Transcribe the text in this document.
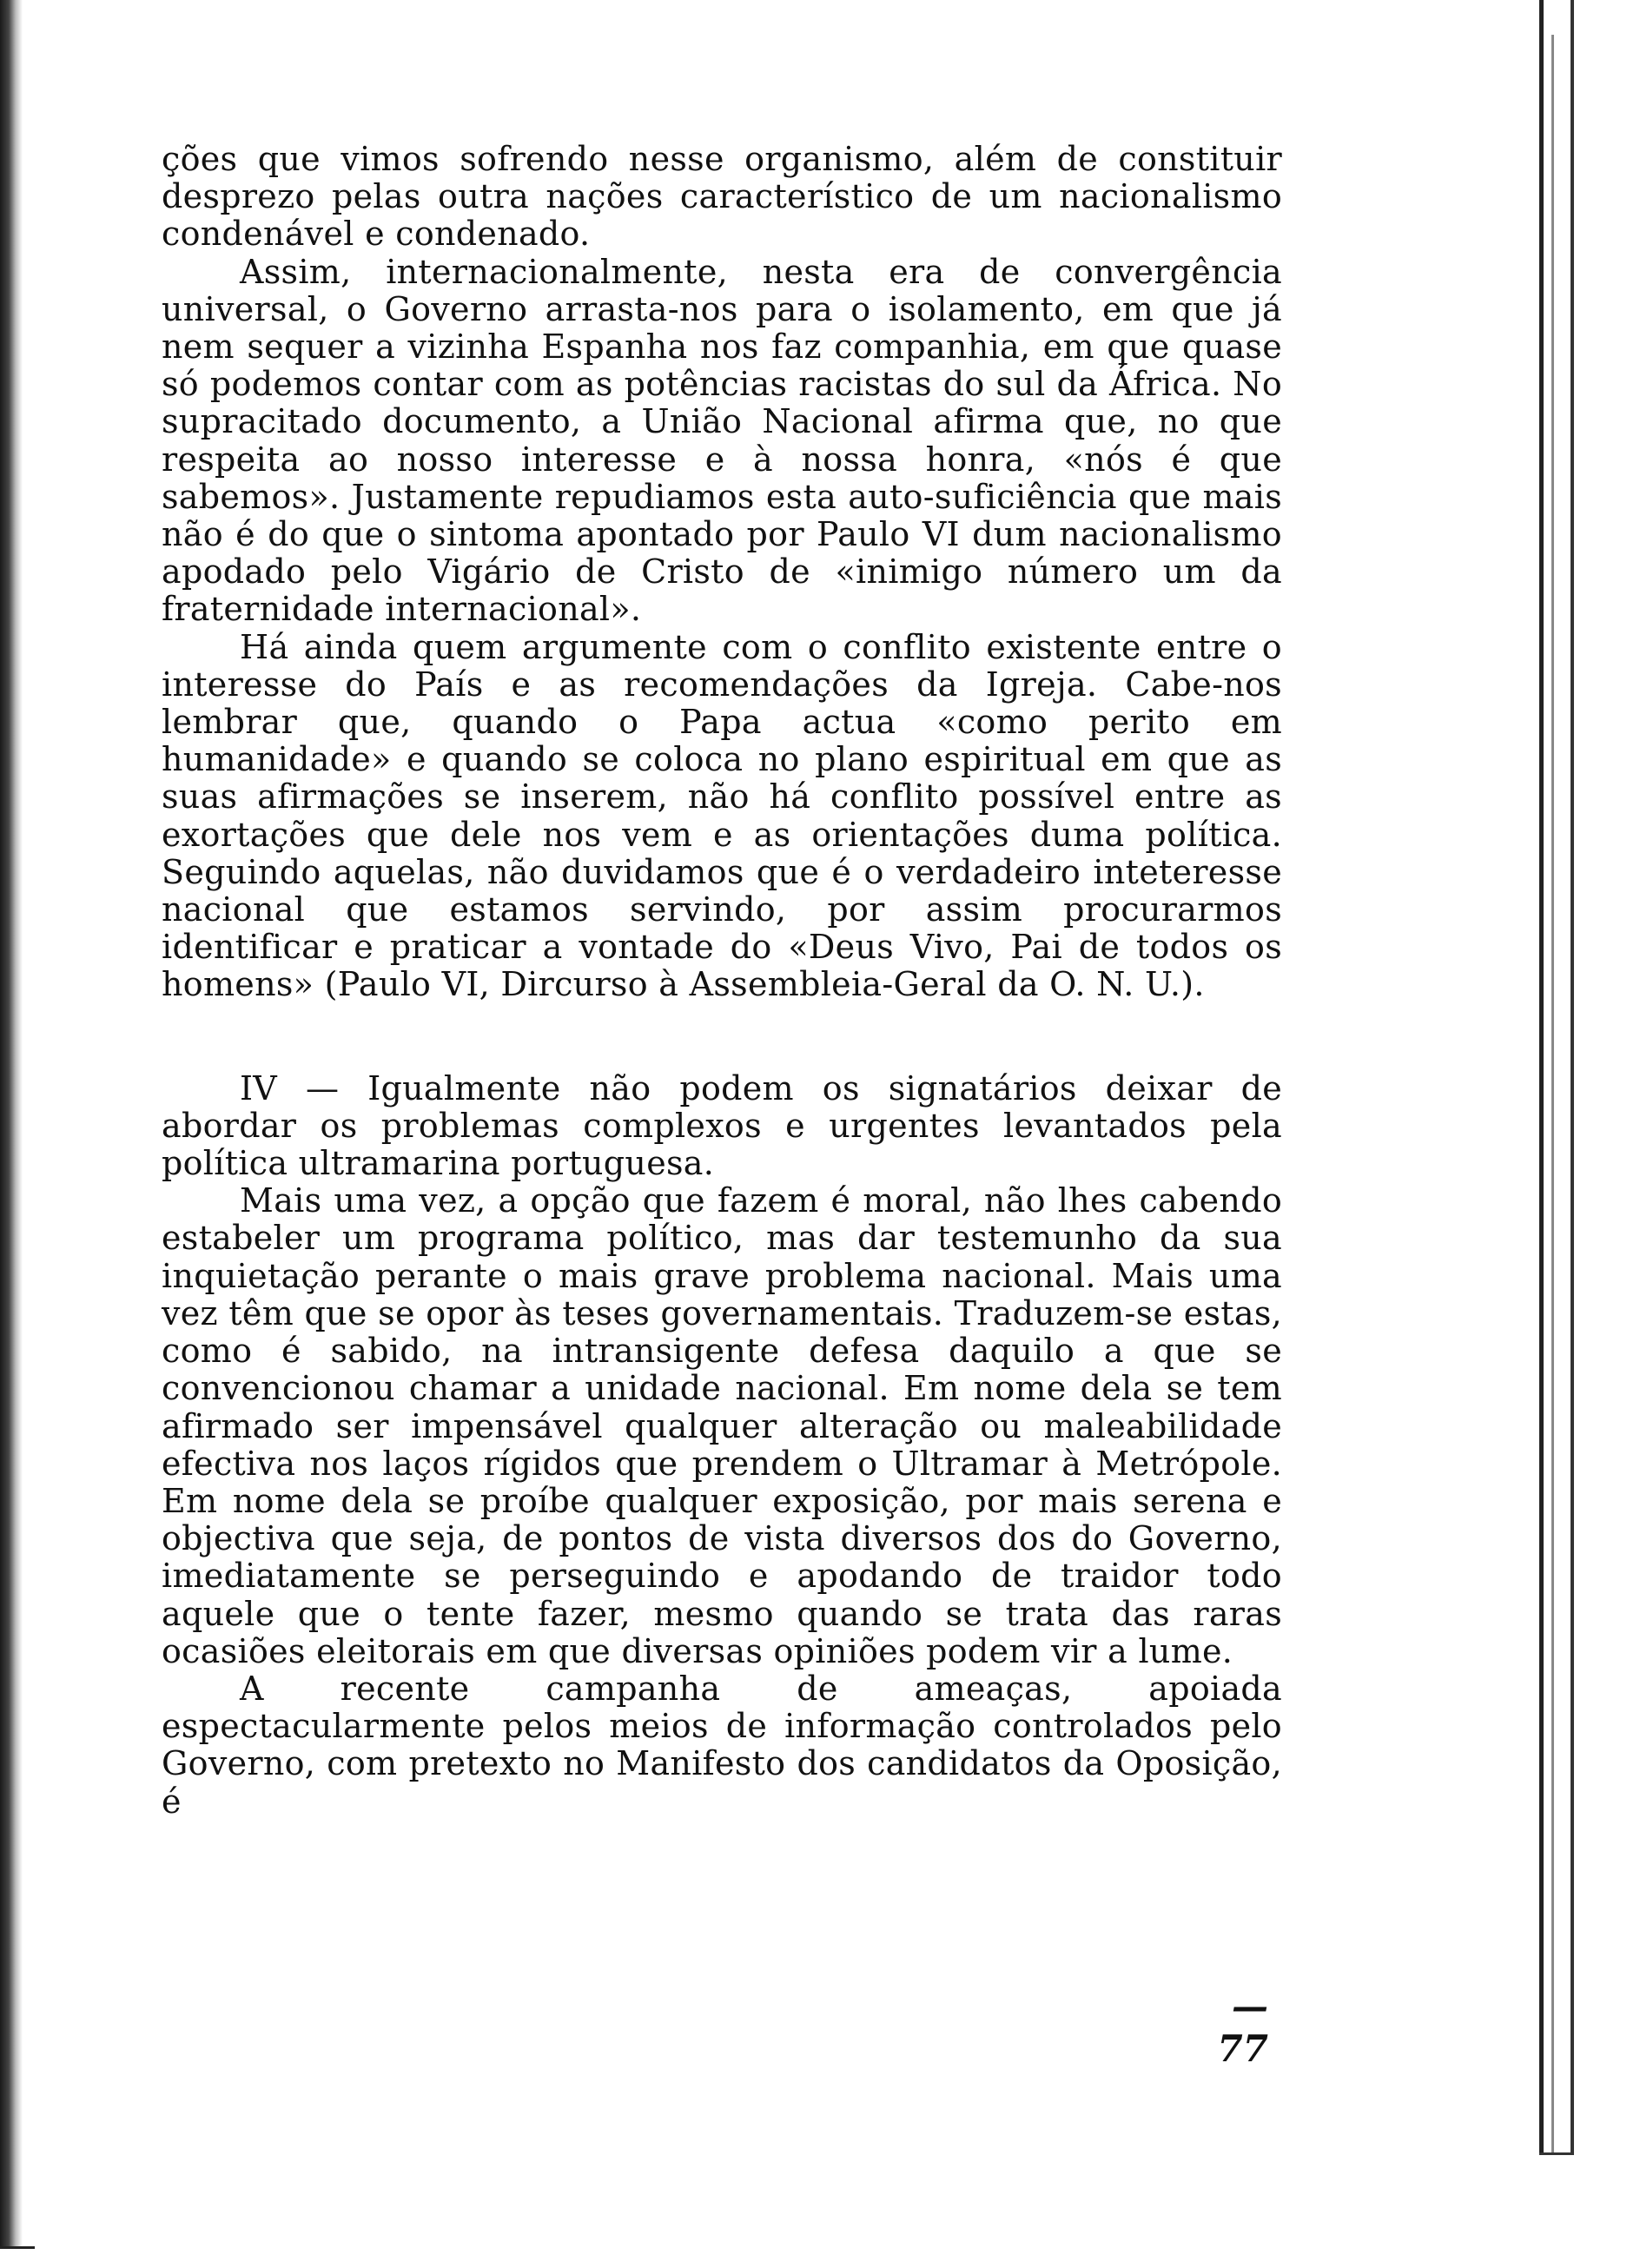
ções que vimos sofrendo nesse organismo, além de constituir desprezo pelas outra nações característico de um nacionalismo condenável e condenado.

Assim, internacionalmente, nesta era de convergência universal, o Governo arrasta-nos para o isolamento, em que já nem sequer a vizinha Espanha nos faz companhia, em que quase só podemos contar com as potências racistas do sul da África. No supracitado documento, a União Nacional afirma que, no que respeita ao nosso interesse e à nossa honra, «nós é que sabemos». Justamente repudiamos esta auto-suficiência que mais não é do que o sintoma apontado por Paulo VI dum nacionalismo apodado pelo Vigário de Cristo de «inimigo número um da fraternidade internacional».

Há ainda quem argumente com o conflito existente entre o interesse do País e as recomendações da Igreja. Cabe-nos lembrar que, quando o Papa actua «como perito em humanidade» e quando se coloca no plano espiritual em que as suas afirmações se inserem, não há conflito possível entre as exortações que dele nos vem e as orientações duma política. Seguindo aquelas, não duvidamos que é o verdadeiro inteteresse nacional que estamos servindo, por assim procurarmos identificar e praticar a vontade do «Deus Vivo, Pai de todos os homens» (Paulo VI, Dircurso à Assembleia-Geral da O. N. U.).

IV — Igualmente não podem os signatários deixar de abordar os problemas complexos e urgentes levantados pela política ultramarina portuguesa.

Mais uma vez, a opção que fazem é moral, não lhes cabendo estabeler um programa político, mas dar testemunho da sua inquietação perante o mais grave problema nacional. Mais uma vez têm que se opor às teses governamentais. Traduzem-se estas, como é sabido, na intransigente defesa daquilo a que se convencionou chamar a unidade nacional. Em nome dela se tem afirmado ser impensável qualquer alteração ou maleabilidade efectiva nos laços rígidos que prendem o Ultramar à Metrópole. Em nome dela se proíbe qualquer exposição, por mais serena e objectiva que seja, de pontos de vista diversos dos do Governo, imediatamente se perseguindo e apodando de traidor todo aquele que o tente fazer, mesmo quando se trata das raras ocasiões eleitorais em que diversas opiniões podem vir a lume.

A recente campanha de ameaças, apoiada espectacularmente pelos meios de informação controlados pelo Governo, com pretexto no Manifesto dos candidatos da Oposição, é

— 77
